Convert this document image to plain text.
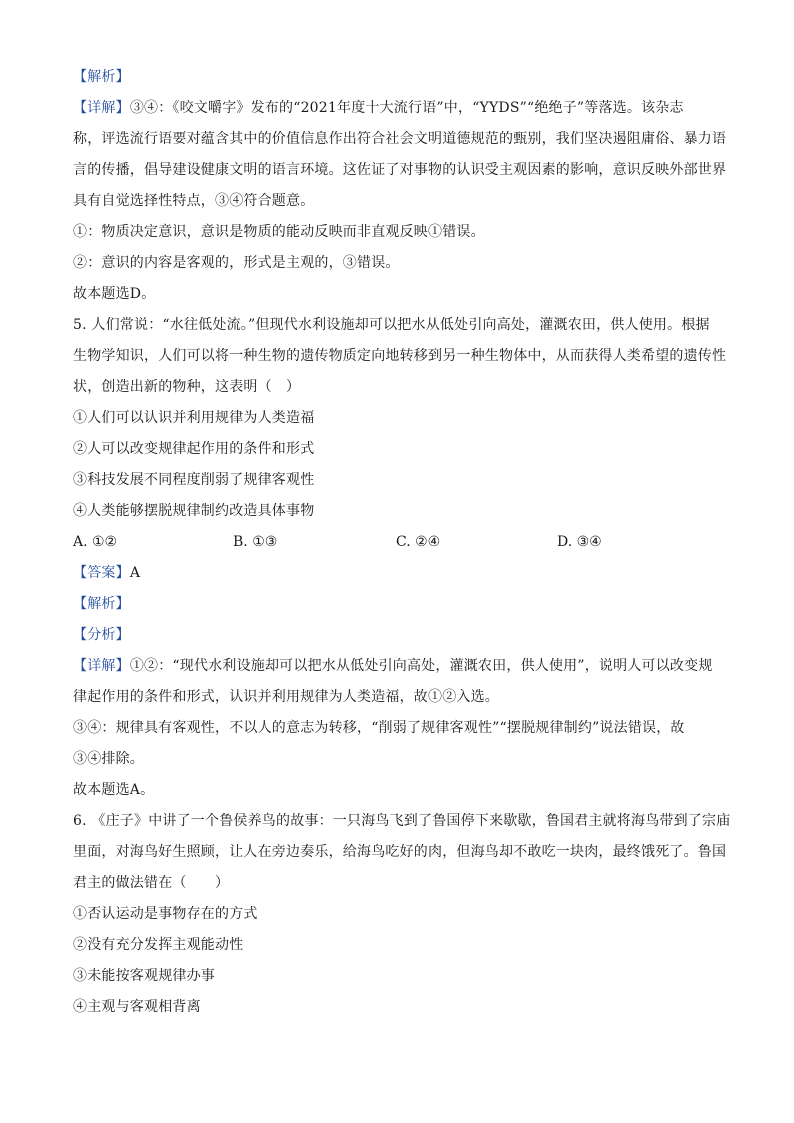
【解析】
【详解】③④：《咬文嚼字》发布的“2021年度十大流行语”中，“YYDS”“绝绝子”等落选。该杂志
称，评选流行语要对蕴含其中的价值信息作出符合社会文明道德规范的甄别，我们坚决遏阻庸俗、暴力语
言的传播，倡导建设健康文明的语言环境。这佐证了对事物的认识受主观因素的影响，意识反映外部世界
具有自觉选择性特点，③④符合题意。
①：物质决定意识，意识是物质的能动反映而非直观反映①错误。
②：意识的内容是客观的，形式是主观的，③错误。
故本题选D。
5. 人们常说：“水往低处流。”但现代水利设施却可以把水从低处引向高处，灌溉农田，供人使用。根据
生物学知识，人们可以将一种生物的遗传物质定向地转移到另一种生物体中，从而获得人类希望的遗传性
状，创造出新的物种，这表明（　）
①人们可以认识并利用规律为人类造福
②人可以改变规律起作用的条件和形式
③科技发展不同程度削弱了规律客观性
④人类能够摆脱规律制约改造具体事物
A. ①②	B. ①③	C. ②④	D. ③④
【答案】A
【解析】
【分析】
【详解】①②：“现代水利设施却可以把水从低处引向高处，灌溉农田，供人使用”，说明人可以改变规
律起作用的条件和形式，认识并利用规律为人类造福，故①②入选。
③④：规律具有客观性，不以人的意志为转移，“削弱了规律客观性”“摆脱规律制约”说法错误，故
③④排除。
故本题选A。
6. 《庄子》中讲了一个鲁侯养鸟的故事：一只海鸟飞到了鲁国停下来歇歇，鲁国君主就将海鸟带到了宗庙
里面，对海鸟好生照顾，让人在旁边奏乐，给海鸟吃好的肉，但海鸟却不敢吃一块肉，最终饿死了。鲁国
君主的做法错在（　　）
①否认运动是事物存在的方式
②没有充分发挥主观能动性
③未能按客观规律办事
④主观与客观相背离
